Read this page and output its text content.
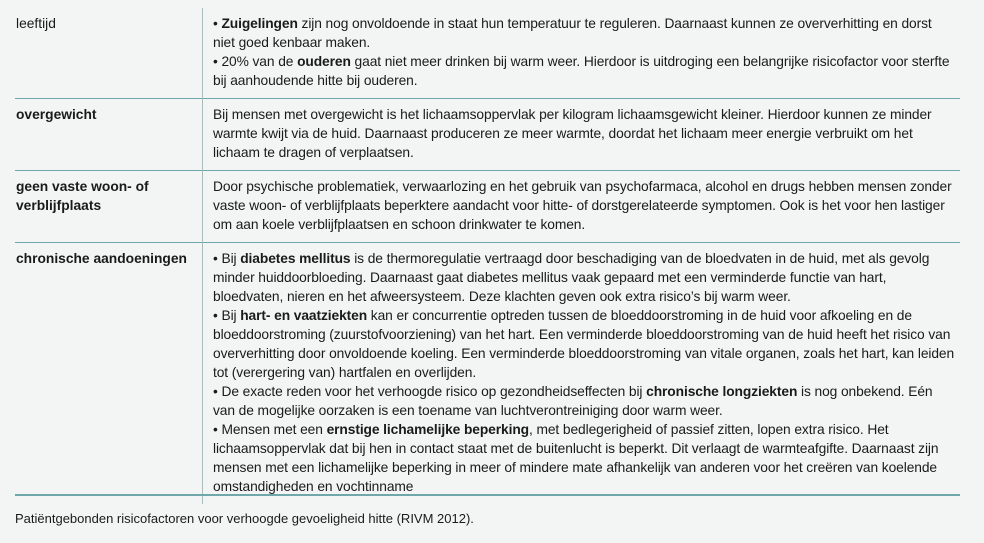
leeftijd	• Zuigelingen zijn nog onvoldoende in staat hun temperatuur te reguleren. Daarnaast kunnen ze oververhitting en dorst niet goed kenbaar maken.
• 20% van de ouderen gaat niet meer drinken bij warm weer. Hierdoor is uitdroging een belangrijke risicofactor voor sterfte bij aanhoudende hitte bij ouderen.

overgewicht	Bij mensen met overgewicht is het lichaamsoppervlak per kilogram lichaamsgewicht kleiner. Hierdoor kunnen ze minder warmte kwijt via de huid. Daarnaast produceren ze meer warmte, doordat het lichaam meer energie verbruikt om het lichaam te dragen of verplaatsen.

geen vaste woon- of verblijfplaats	Door psychische problematiek, verwaarlozing en het gebruik van psychofarmaca, alcohol en drugs hebben mensen zonder vaste woon- of verblijfplaats beperktere aandacht voor hitte- of dorstgerelateerde symptomen. Ook is het voor hen lastiger om aan koele verblijfplaatsen en schoon drinkwater te komen.

chronische aandoeningen	• Bij diabetes mellitus is de thermoregulatie vertraagd door beschadiging van de bloedvaten in de huid, met als gevolg minder huiddoorbloeding. Daarnaast gaat diabetes mellitus vaak gepaard met een verminderde functie van hart, bloedvaten, nieren en het afweersysteem. Deze klachten geven ook extra risico’s bij warm weer.
• Bij hart- en vaatziekten kan er concurrentie optreden tussen de bloeddoorstroming in de huid voor afkoeling en de bloeddoorstroming (zuurstofvoorziening) van het hart. Een verminderde bloeddoorstroming van de huid heeft het risico van oververhitting door onvoldoende koeling. Een verminderde bloeddoorstroming van vitale organen, zoals het hart, kan leiden tot (verergering van) hartfalen en overlijden.
• De exacte reden voor het verhoogde risico op gezondheidseffecten bij chronische longziekten is nog onbekend. Eén van de mogelijke oorzaken is een toename van luchtverontreiniging door warm weer.
• Mensen met een ernstige lichamelijke beperking, met bedlegerigheid of passief zitten, lopen extra risico. Het lichaamsoppervlak dat bij hen in contact staat met de buitenlucht is beperkt. Dit verlaagt de warmteafgifte. Daarnaast zijn mensen met een lichamelijke beperking in meer of mindere mate afhankelijk van anderen voor het creëren van koelende omstandigheden en vochtinname
Patiëntgebonden risicofactoren voor verhoogde gevoeligheid hitte (RIVM 2012).
